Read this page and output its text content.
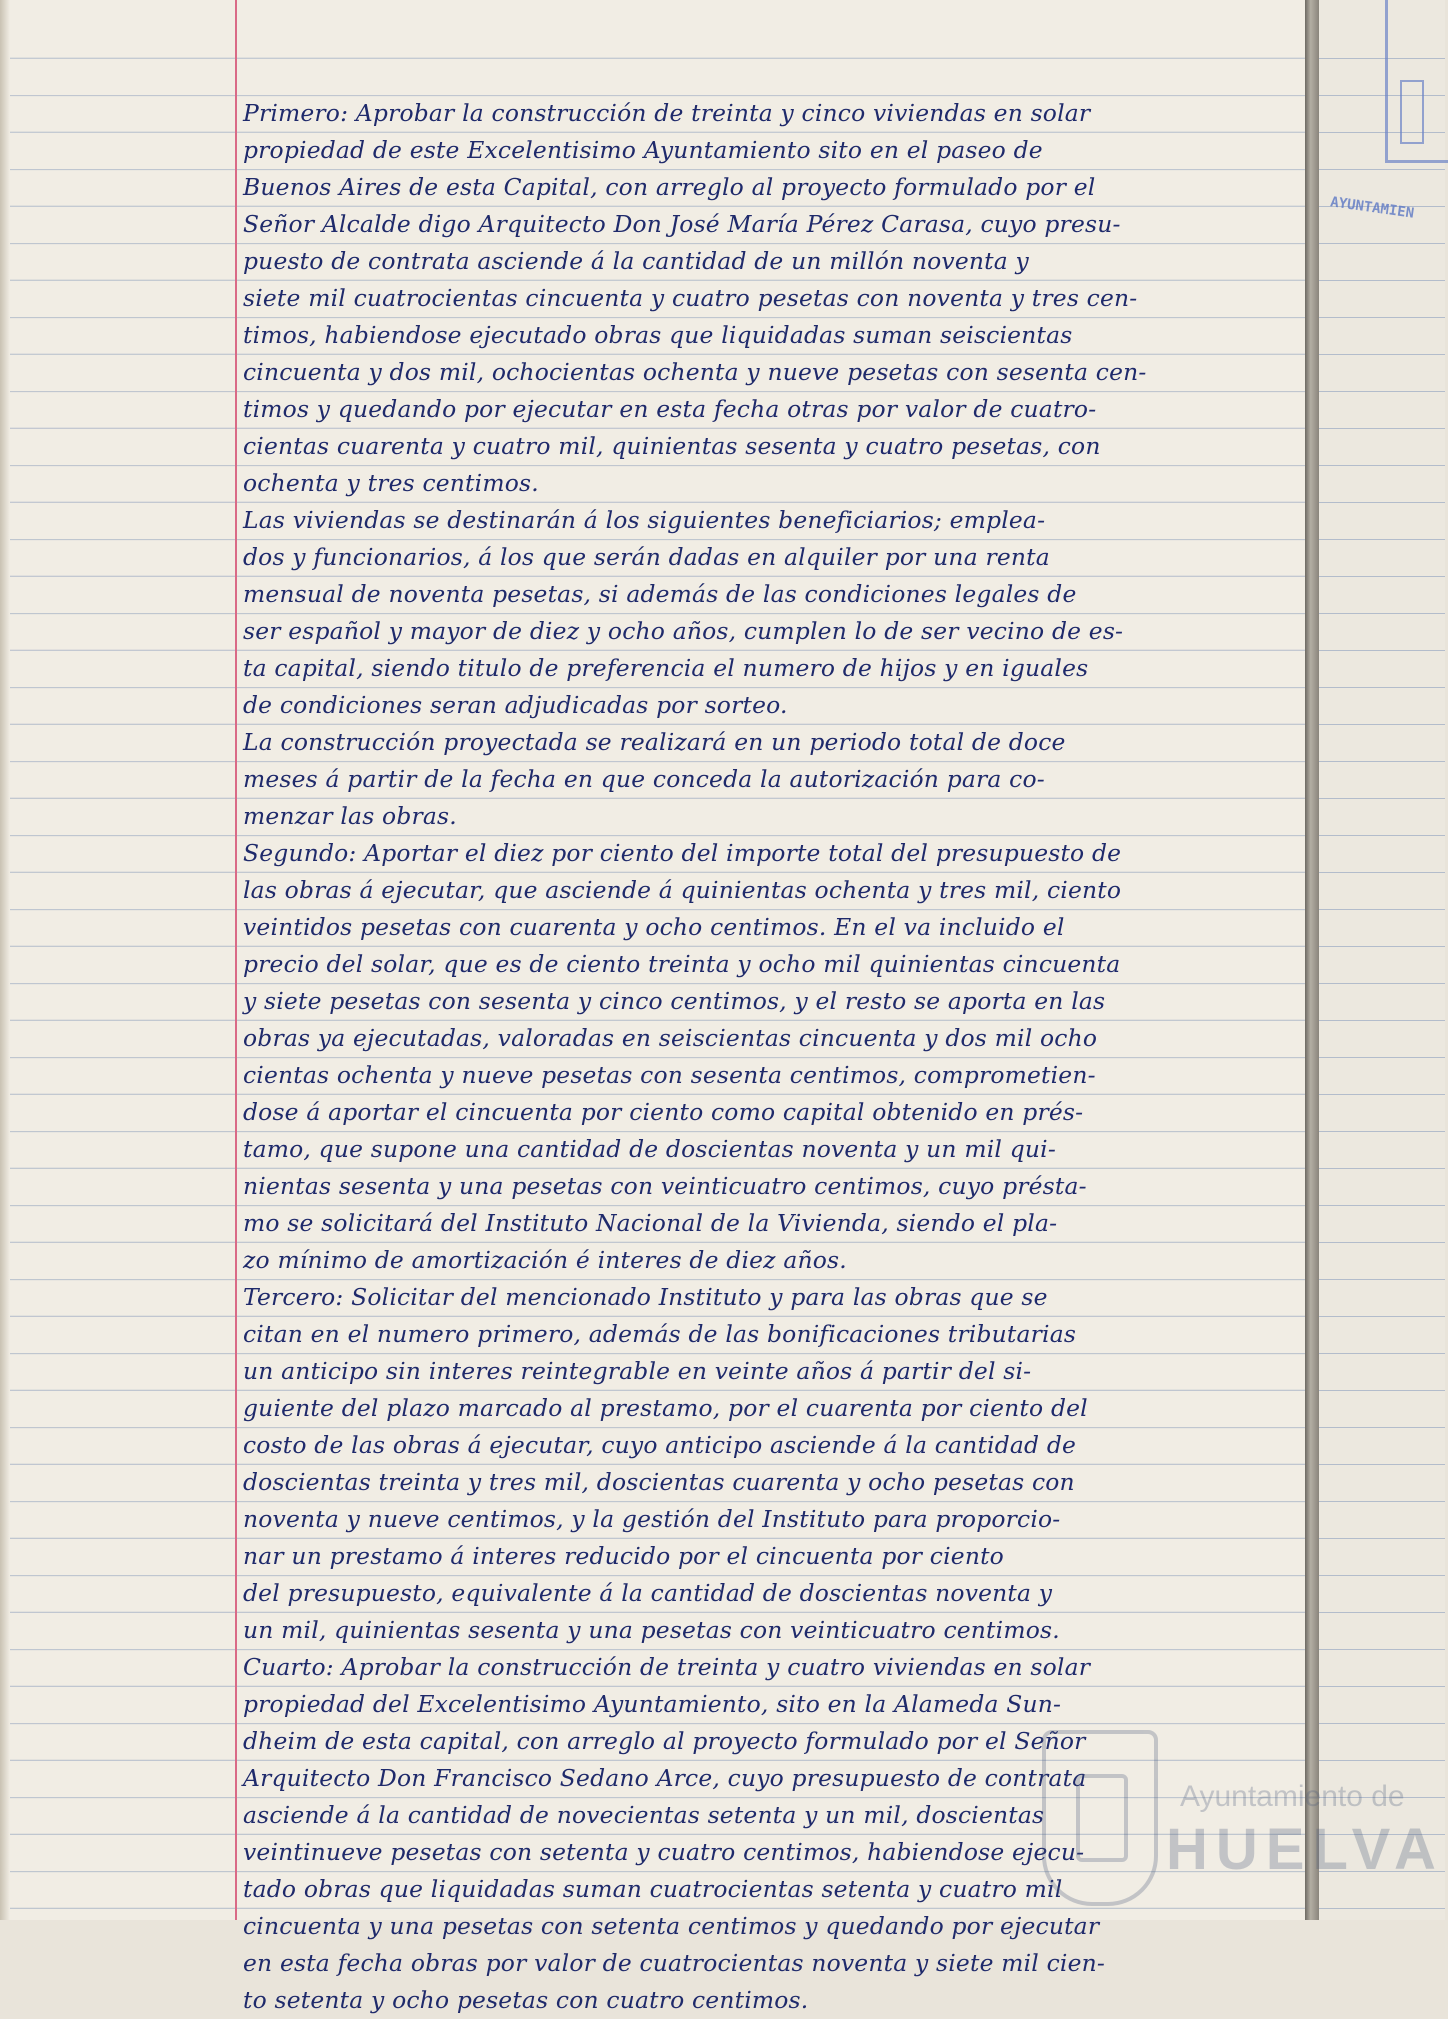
Primero: Aprobar la construcción de treinta y cinco viviendas en solar
propiedad de este Excelentisimo Ayuntamiento sito en el paseo de
Buenos Aires de esta Capital, con arreglo al proyecto formulado por el
Señor Alcalde digo Arquitecto Don José María Pérez Carasa, cuyo presu-
puesto de contrata asciende á la cantidad de un millón noventa y
siete mil cuatrocientas cincuenta y cuatro pesetas con noventa y tres cen-
timos, habiendose ejecutado obras que liquidadas suman seiscientas
cincuenta y dos mil, ochocientas ochenta y nueve pesetas con sesenta cen-
timos y quedando por ejecutar en esta fecha otras por valor de cuatro-
cientas cuarenta y cuatro mil, quinientas sesenta y cuatro pesetas, con
ochenta y tres centimos.
Las viviendas se destinarán á los siguientes beneficiarios; emplea-
dos y funcionarios, á los que serán dadas en alquiler por una renta
mensual de noventa pesetas, si además de las condiciones legales de
ser español y mayor de diez y ocho años, cumplen lo de ser vecino de es-
ta capital, siendo titulo de preferencia el numero de hijos y en iguales
de condiciones seran adjudicadas por sorteo.
La construcción proyectada se realizará en un periodo total de doce
meses á partir de la fecha en que conceda la autorización para co-
menzar las obras.
Segundo: Aportar el diez por ciento del importe total del presupuesto de
las obras á ejecutar, que asciende á quinientas ochenta y tres mil, ciento
veintidos pesetas con cuarenta y ocho centimos. En el va incluido el
precio del solar, que es de ciento treinta y ocho mil quinientas cincuenta
y siete pesetas con sesenta y cinco centimos, y el resto se aporta en las
obras ya ejecutadas, valoradas en seiscientas cincuenta y dos mil ocho
cientas ochenta y nueve pesetas con sesenta centimos, comprometien-
dose á aportar el cincuenta por ciento como capital obtenido en prés-
tamo, que supone una cantidad de doscientas noventa y un mil qui-
nientas sesenta y una pesetas con veinticuatro centimos, cuyo présta-
mo se solicitará del Instituto Nacional de la Vivienda, siendo el pla-
zo mínimo de amortización é interes de diez años.
Tercero: Solicitar del mencionado Instituto y para las obras que se
citan en el numero primero, además de las bonificaciones tributarias
un anticipo sin interes reintegrable en veinte años á partir del si-
guiente del plazo marcado al prestamo, por el cuarenta por ciento del
costo de las obras á ejecutar, cuyo anticipo asciende á la cantidad de
doscientas treinta y tres mil, doscientas cuarenta y ocho pesetas con
noventa y nueve centimos, y la gestión del Instituto para proporcio-
nar un prestamo á interes reducido por el cincuenta por ciento
del presupuesto, equivalente á la cantidad de doscientas noventa y
un mil, quinientas sesenta y una pesetas con veinticuatro centimos.
Cuarto: Aprobar la construcción de treinta y cuatro viviendas en solar
propiedad del Excelentisimo Ayuntamiento, sito en la Alameda Sun-
dheim de esta capital, con arreglo al proyecto formulado por el Señor
Arquitecto Don Francisco Sedano Arce, cuyo presupuesto de contrata
asciende á la cantidad de novecientas setenta y un mil, doscientas
veintinueve pesetas con setenta y cuatro centimos, habiendose ejecu-
tado obras que liquidadas suman cuatrocientas setenta y cuatro mil
cincuenta y una pesetas con setenta centimos y quedando por ejecutar
en esta fecha obras por valor de cuatrocientas noventa y siete mil cien-
to setenta y ocho pesetas con cuatro centimos.
AYUNTAMIEN
Ayuntamiento de
HUELVA
